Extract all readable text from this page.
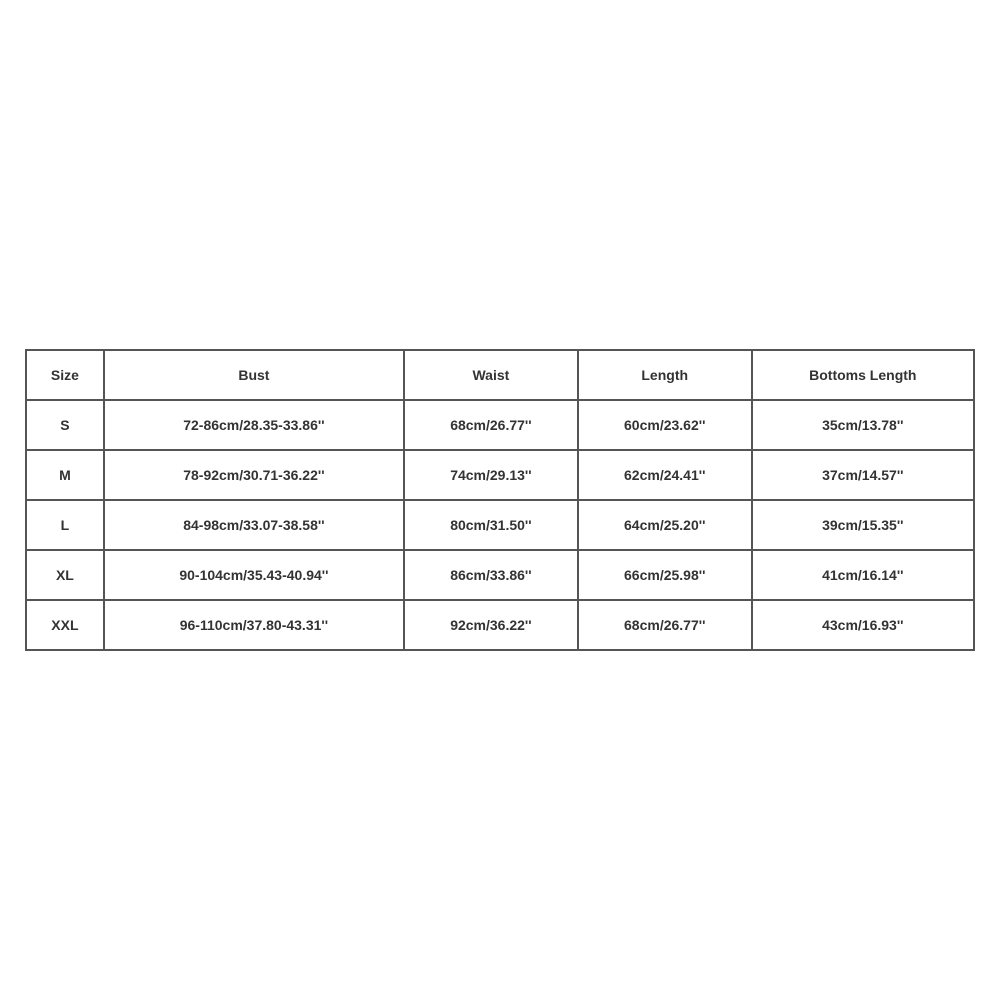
Size	Bust	Waist	Length	Bottoms Length
S	72-86cm/28.35-33.86''	68cm/26.77''	60cm/23.62''	35cm/13.78''
M	78-92cm/30.71-36.22''	74cm/29.13''	62cm/24.41''	37cm/14.57''
L	84-98cm/33.07-38.58''	80cm/31.50''	64cm/25.20''	39cm/15.35''
XL	90-104cm/35.43-40.94''	86cm/33.86''	66cm/25.98''	41cm/16.14''
XXL	96-110cm/37.80-43.31''	92cm/36.22''	68cm/26.77''	43cm/16.93''
